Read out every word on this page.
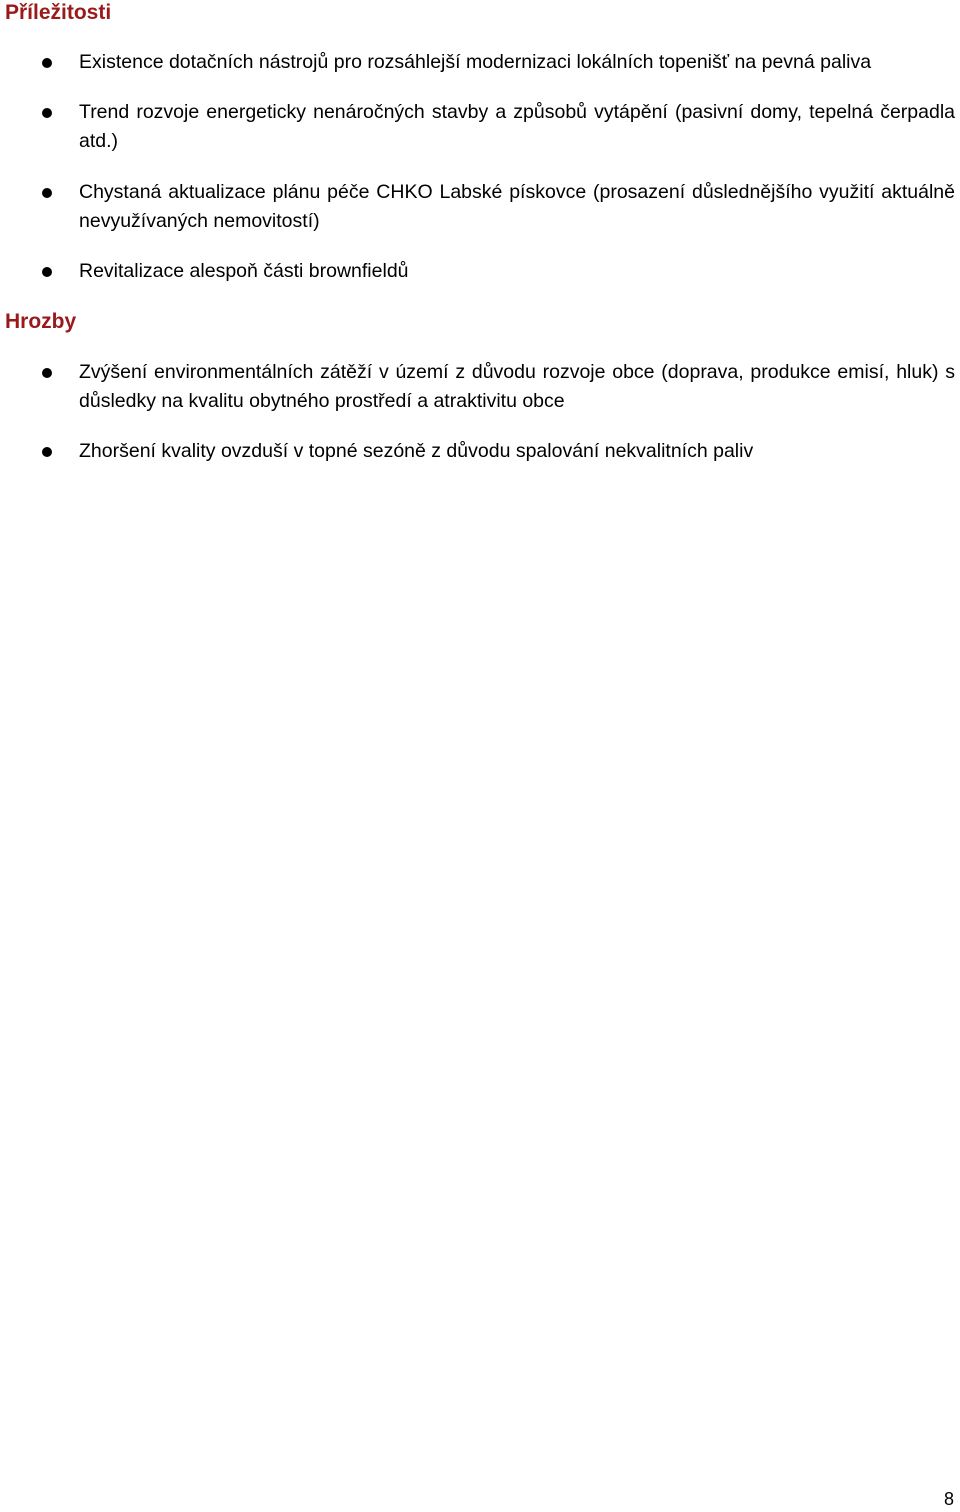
Příležitosti

Existence dotačních nástrojů pro rozsáhlejší modernizaci lokálních topenišť na pevná paliva

Trend rozvoje energeticky nenáročných stavby a způsobů vytápění (pasivní domy, tepelná čerpadla atd.)

Chystaná aktualizace plánu péče CHKO Labské pískovce (prosazení důslednějšího využití aktuálně nevyužívaných nemovitostí)

Revitalizace alespoň části brownfieldů

Hrozby

Zvýšení environmentálních zátěží v území z důvodu rozvoje obce (doprava, produkce emisí, hluk) s důsledky na kvalitu obytného prostředí a atraktivitu obce

Zhoršení kvality ovzduší v topné sezóně z důvodu spalování nekvalitních paliv

8
